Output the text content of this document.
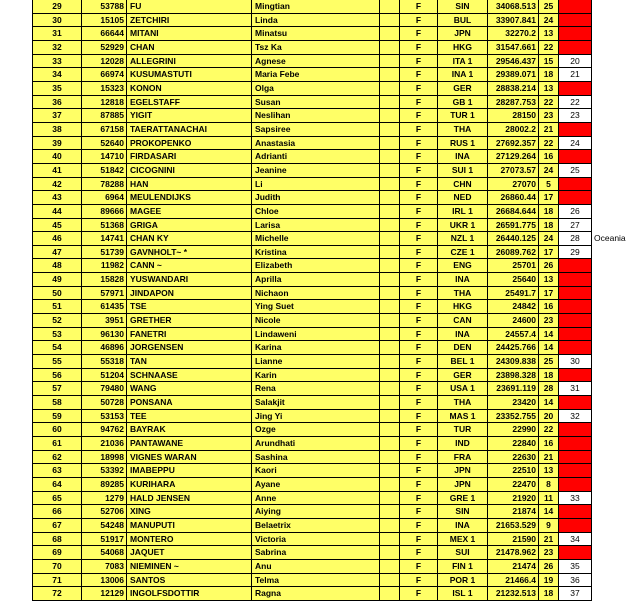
29	53788 FU	Mingtian	F	SIN	34068.513 25
30	15105 ZETCHIRI	Linda	F	BUL	33907.841 24
31	66644 MITANI	Minatsu	F	JPN	32270.2 13
32	52929 CHAN	Tsz Ka	F	HKG	31547.661 22
33	12028 ALLEGRINI	Agnese	F	ITA 1	29546.437 15	20
34	66974 KUSUMASTUTI	Maria Febe	F	INA 1	29389.071 18	21
35	15323 KONON	Olga	F	GER	28838.214 13
36	12818 EGELSTAFF	Susan	F	GB 1	28287.753 22	22
37	87885 YIGIT	Neslihan	F	TUR 1	28150 23	23
38	67158 TAERATTANACHAI	Sapsiree	F	THA	28002.2 21
39	52640 PROKOPENKO	Anastasia	F	RUS 1	27692.357 22	24
40	14710 FIRDASARI	Adrianti	F	INA	27129.264 16
41	51842 CICOGNINI	Jeanine	F	SUI 1	27073.57 24	25
42	78288 HAN	Li	F	CHN	27070	5
43	6964 MEULENDIJKS	Judith	F	NED	26860.44 17
44	89666 MAGEE	Chloe	F	IRL 1	26684.644 18	26
45	51368 GRIGA	Larisa	F	UKR 1	26591.775 18	27
46	14741 CHAN KY	Michelle	F	NZL 1	26440.125 24	28	Oceania
47	51739 GAVNHOLT~ *	Kristina	F	CZE 1	26089.762 17	29
48	11982 CANN ~	Elizabeth	F	ENG	25701 26
49	15828 YUSWANDARI	Aprilla	F	INA	25640 13
50	57971 JINDAPON	Nichaon	F	THA	25491.7 17
51	61435 TSE	Ying Suet	F	HKG	24842 16
52	3951 GRETHER	Nicole	F	CAN	24600 23
53	96130 FANETRI	Lindaweni	F	INA	24557.4 14
54	46896 JORGENSEN	Karina	F	DEN	24425.766 14
55	55318 TAN	Lianne	F	BEL 1	24309.838 25	30
56	51204 SCHNAASE	Karin	F	GER	23898.328 18
57	79480 WANG	Rena	F	USA 1	23691.119 28	31
58	50728 PONSANA	Salakjit	F	THA	23420 14
59	53153 TEE	Jing Yi	F	MAS 1	23352.755 20	32
60	94762 BAYRAK	Ozge	F	TUR	22990 22
61	21036 PANTAWANE	Arundhati	F	IND	22840 16
62	18998 VIGNES WARAN	Sashina	F	FRA	22630 21
63	53392 IMABEPPU	Kaori	F	JPN	22510 13
64	89285 KURIHARA	Ayane	F	JPN	22470	8
65	1279 HALD JENSEN	Anne	F	GRE 1	21920 11	33
66	52706 XING	Aiying	F	SIN	21874 14
67	54248 MANUPUTI	Belaetrix	F	INA	21653.529	9
68	51917 MONTERO	Victoria	F	MEX 1	21590 21	34
69	54068 JAQUET	Sabrina	F	SUI	21478.962 23
70	7083 NIEMINEN ~	Anu	F	FIN 1	21474 26	35
71	13006 SANTOS	Telma	F	POR 1	21466.4 19	36
72	12129 INGOLFSDOTTIR	Ragna	F	ISL 1	21232.513 18	37
